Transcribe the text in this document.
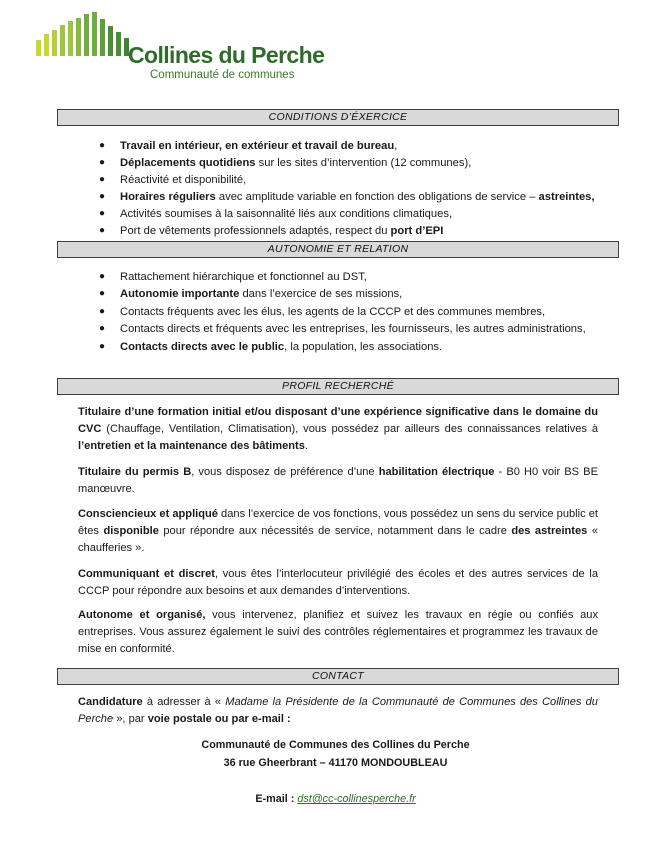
Collines du Perche
Communauté de communes
CONDITIONS D’ÉXERCICE
● Travail en intérieur, en extérieur et travail de bureau,
● Déplacements quotidiens sur les sites d’intervention (12 communes),
● Réactivité et disponibilité,
● Horaires réguliers avec amplitude variable en fonction des obligations de service – astreintes,
● Activités soumises à la saisonnalité liés aux conditions climatiques,
● Port de vêtements professionnels adaptés, respect du port d’EPI
AUTONOMIE ET RELATION
● Rattachement hiérarchique et fonctionnel au DST,
● Autonomie importante dans l’exercice de ses missions,
● Contacts fréquents avec les élus, les agents de la CCCP et des communes membres,
● Contacts directs et fréquents avec les entreprises, les fournisseurs, les autres administrations,
● Contacts directs avec le public, la population, les associations.
PROFIL RECHERCHÉ

Titulaire d’une formation initial et/ou disposant d’une expérience significative dans le domaine du CVC (Chauffage, Ventilation, Climatisation), vous possédez par ailleurs des connaissances relatives à l’entretien et la maintenance des bâtiments.

Titulaire du permis B, vous disposez de préférence d’une habilitation électrique - B0 H0 voir BS BE manœuvre.

Consciencieux et appliqué dans l’exercice de vos fonctions, vous possédez un sens du service public et êtes disponible pour répondre aux nécessités de service, notamment dans le cadre des astreintes « chaufferies ».

Communiquant et discret, vous êtes l’interlocuteur privilégié des écoles et des autres services de la CCCP pour répondre aux besoins et aux demandes d’interventions.

Autonome et organisé, vous intervenez, planifiez et suivez les travaux en régie ou confiés aux entreprises. Vous assurez également le suivi des contrôles réglementaires et programmez les travaux de mise en conformité.

CONTACT

Candidature à adresser à « Madame la Présidente de la Communauté de Communes des Collines du Perche », par voie postale ou par e-mail :

Communauté de Communes des Collines du Perche
36 rue Gheerbrant – 41170 MONDOUBLEAU
E-mail : dst@cc-collinesperche.fr
